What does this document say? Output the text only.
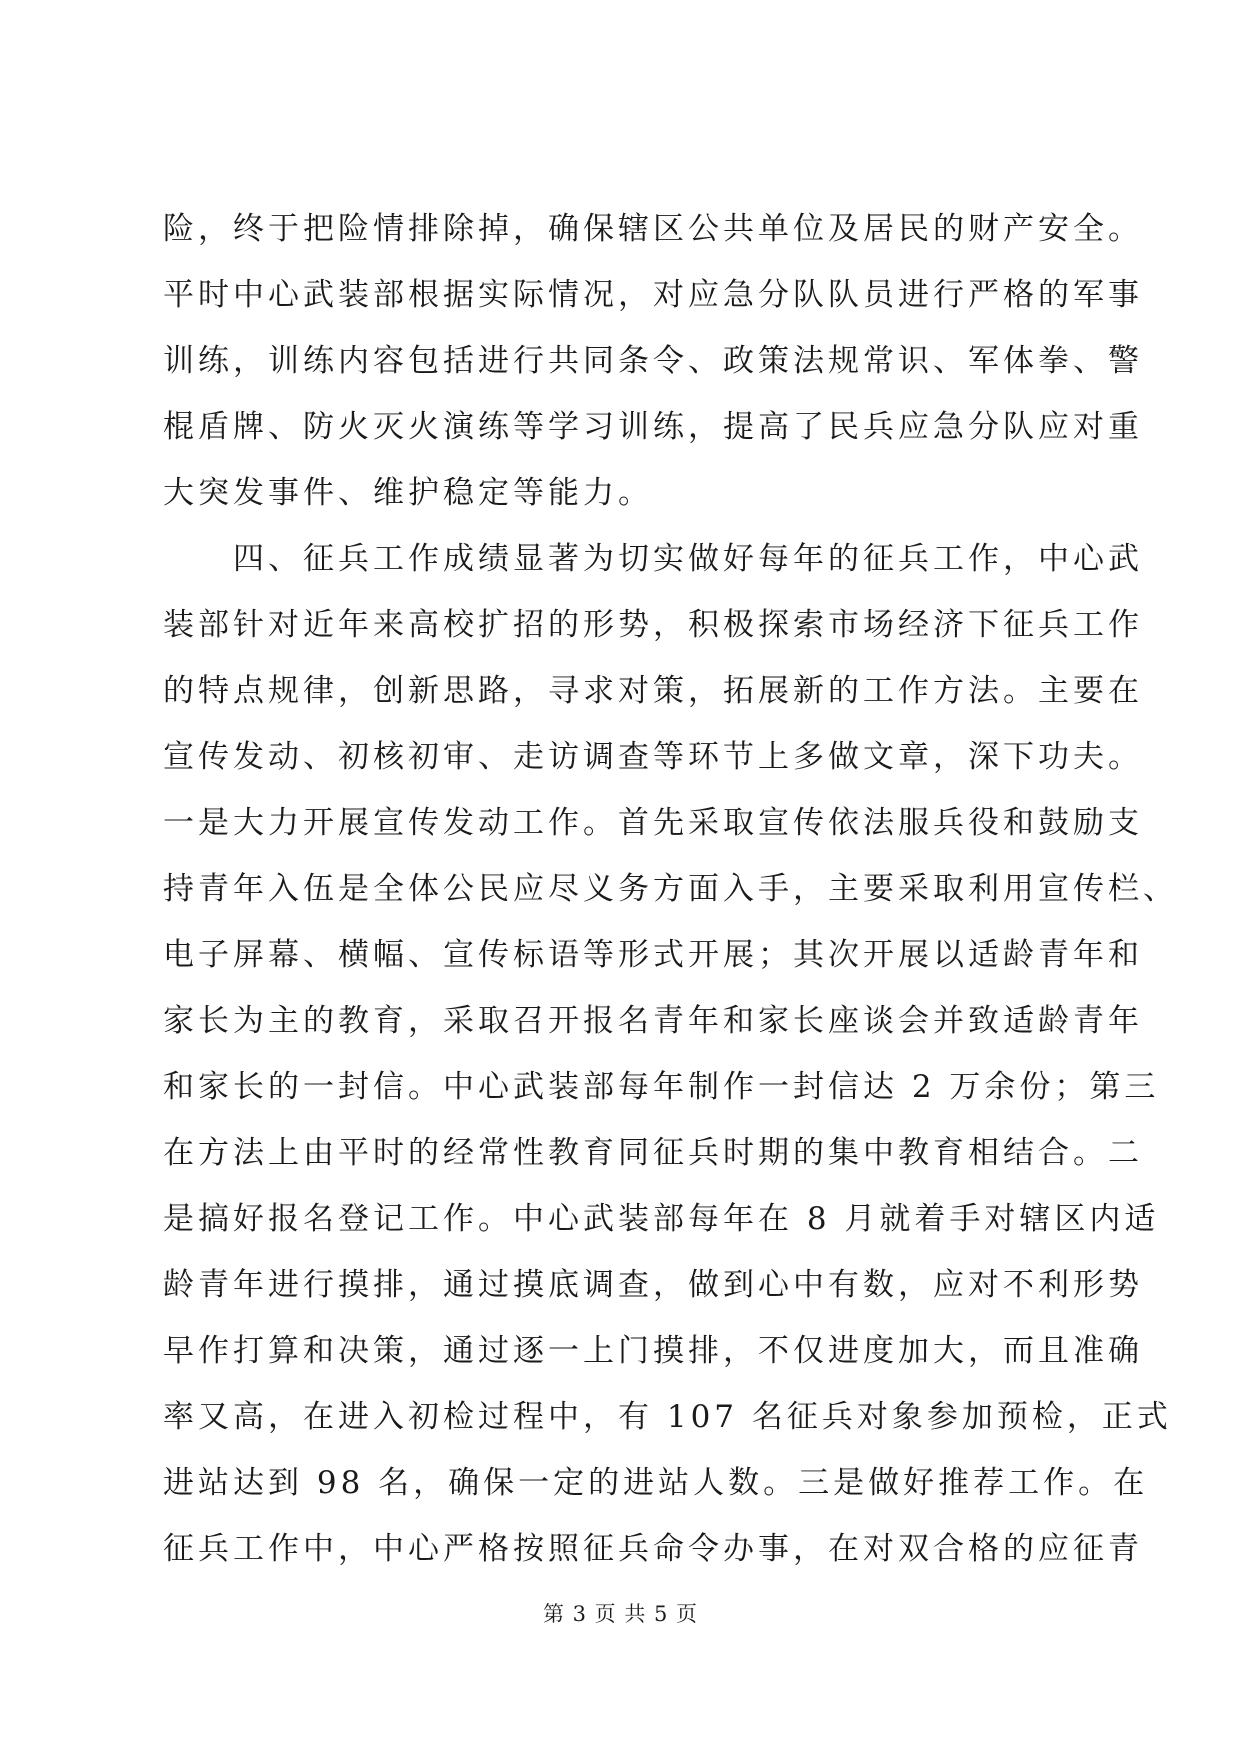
险，终于把险情排除掉，确保辖区公共单位及居民的财产安全。
平时中心武装部根据实际情况，对应急分队队员进行严格的军事
训练，训练内容包括进行共同条令、政策法规常识、军体拳、警
棍盾牌、防火灭火演练等学习训练，提高了民兵应急分队应对重
大突发事件、维护稳定等能力。
　　四、征兵工作成绩显著为切实做好每年的征兵工作，中心武
装部针对近年来高校扩招的形势，积极探索市场经济下征兵工作
的特点规律，创新思路，寻求对策，拓展新的工作方法。主要在
宣传发动、初核初审、走访调查等环节上多做文章，深下功夫。
一是大力开展宣传发动工作。首先采取宣传依法服兵役和鼓励支
持青年入伍是全体公民应尽义务方面入手，主要采取利用宣传栏、
电子屏幕、横幅、宣传标语等形式开展；其次开展以适龄青年和
家长为主的教育，采取召开报名青年和家长座谈会并致适龄青年
和家长的一封信。中心武装部每年制作一封信达 2 万余份；第三
在方法上由平时的经常性教育同征兵时期的集中教育相结合。二
是搞好报名登记工作。中心武装部每年在 8 月就着手对辖区内适
龄青年进行摸排，通过摸底调查，做到心中有数，应对不利形势
早作打算和决策，通过逐一上门摸排，不仅进度加大，而且准确
率又高，在进入初检过程中，有 107 名征兵对象参加预检，正式
进站达到 98 名，确保一定的进站人数。三是做好推荐工作。在
征兵工作中，中心严格按照征兵命令办事，在对双合格的应征青
第 3 页 共 5 页
